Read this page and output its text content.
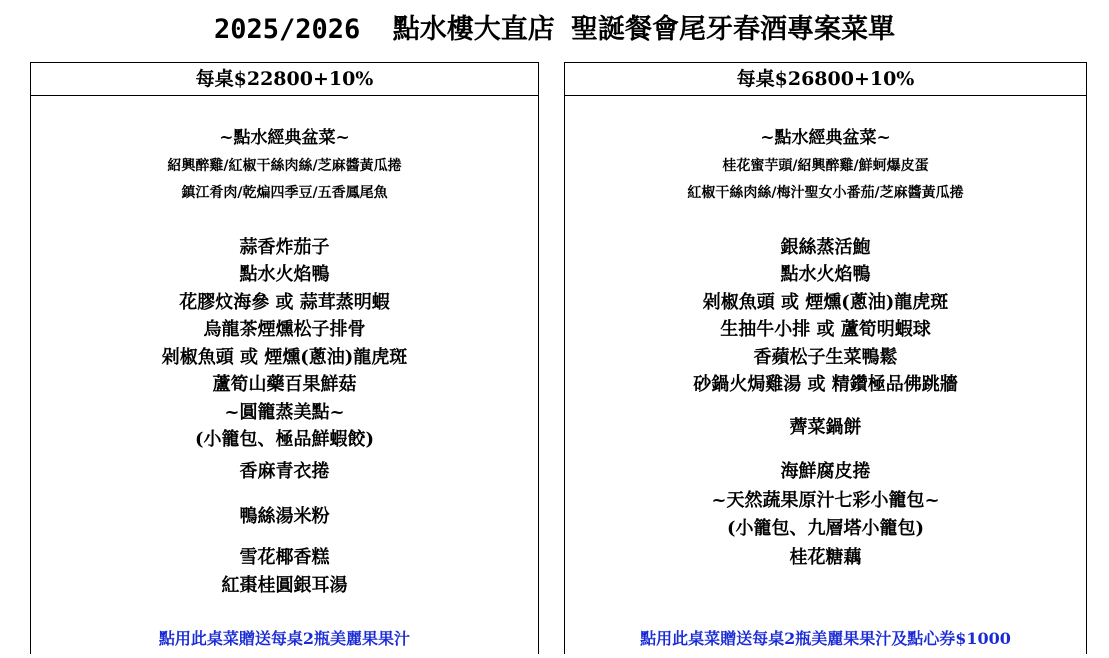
2025/2026  點水樓大直店 聖誕餐會尾牙春酒專案菜單
每桌$22800+10%
~點水經典盆菜~
紹興醉雞/紅椒干絲肉絲/芝麻醬黃瓜捲
鎮江肴肉/乾煸四季豆/五香鳳尾魚
蒜香炸茄子
點水火焰鴨
花膠炆海參 或 蒜茸蒸明蝦
烏龍茶煙燻松子排骨
剁椒魚頭 或 煙燻(蔥油)龍虎斑
蘆筍山藥百果鮮菇
~圓籠蒸美點~
(小籠包、極品鮮蝦餃)
香麻青衣捲
鴨絲湯米粉
雪花椰香糕
紅棗桂圓銀耳湯
點用此桌菜贈送每桌2瓶美麗果果汁
每桌$26800+10%
~點水經典盆菜~
桂花蜜芋頭/紹興醉雞/鮮蚵爆皮蛋
紅椒干絲肉絲/梅汁聖女小番茄/芝麻醬黃瓜捲
銀絲蒸活鮑
點水火焰鴨
剁椒魚頭 或 煙燻(蔥油)龍虎斑
生抽牛小排 或 蘆筍明蝦球
香蘋松子生菜鴨鬆
砂鍋火焗雞湯 或 精鑽極品佛跳牆
薺菜鍋餅
海鮮腐皮捲
~天然蔬果原汁七彩小籠包~
(小籠包、九層塔小籠包)
桂花糖藕
點用此桌菜贈送每桌2瓶美麗果果汁及點心券$1000
